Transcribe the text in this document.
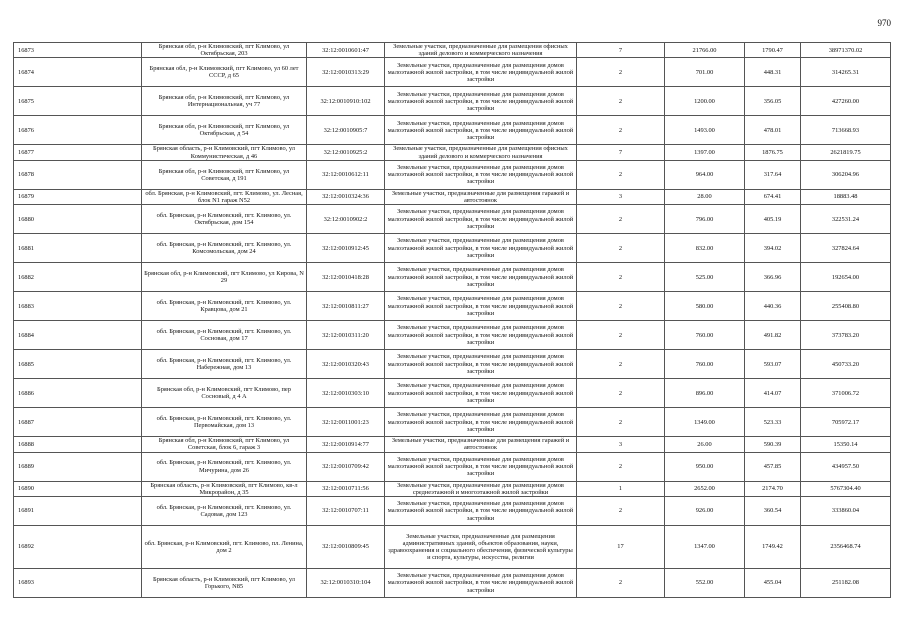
970
16873	Брянская обл, р-н Климовский, пгт Климово, ул Октябрьская, 203	32:12:0010601:47	Земельные участки, предназначенные для размещения офисных зданий делового и коммерческого назначения	7	21766.00	1790.47	38971370.02
16874	Брянская обл, р-н Климовский, пгт Климово, ул 60 лет СССР, д 65	32:12:0010313:29	Земельные участки, предназначенные для размещения домов малоэтажной жилой застройки, в том числе индивидуальной жилой застройки	2	701.00	448.31	314265.31
16875	Брянская обл, р-н Климовский, пгт Климово, ул Интернациональная, уч 77	32:12:0010910:102	Земельные участки, предназначенные для размещения домов малоэтажной жилой застройки, в том числе индивидуальной жилой застройки	2	1200.00	356.05	427260.00
16876	Брянская обл, р-н Климовский, пгт Климово, ул Октябрьская, д 54	32:12:0010905:7	Земельные участки, предназначенные для размещения домов малоэтажной жилой застройки, в том числе индивидуальной жилой застройки	2	1493.00	478.01	713668.93
16877	Брянская область, р-н Климовский, пгт Климово, ул Коммунистическая, д 46	32:12:0010925:2	Земельные участки, предназначенные для размещения офисных зданий делового и коммерческого назначения	7	1397.00	1876.75	2621819.75
16878	Брянская обл, р-н Климовский, пгт Климово, ул Советская, д 191	32:12:0010612:11	Земельные участки, предназначенные для размещения домов малоэтажной жилой застройки, в том числе индивидуальной жилой застройки	2	964.00	317.64	306204.96
16879	обл. Брянская, р-н Климовский, пгт. Климово, ул. Лесная, блок N1 гараж N52	32:12:0010324:36	Земельные участки, предназначенные для размещения гаражей и автостоянок	3	28.00	674.41	18883.48
16880	обл. Брянская, р-н Климовский, пгт. Климово, ул. Октябрьская, дом 154	32:12:0010902:2	Земельные участки, предназначенные для размещения домов малоэтажной жилой застройки, в том числе индивидуальной жилой застройки	2	796.00	405.19	322531.24
16881	обл. Брянская, р-н Климовский, пгт. Климово, ул. Комсомольская, дом 24	32:12:0010912:45	Земельные участки, предназначенные для размещения домов малоэтажной жилой застройки, в том числе индивидуальной жилой застройки	2	832.00	394.02	327824.64
16882	Брянская обл, р-н Климовский, пгт Климово, ул Кирова, N 29	32:12:0010418:28	Земельные участки, предназначенные для размещения домов малоэтажной жилой застройки, в том числе индивидуальной жилой застройки	2	525.00	366.96	192654.00
16883	обл. Брянская, р-н Климовский, пгт. Климово, ул. Кравцова, дом 21	32:12:0010811:27	Земельные участки, предназначенные для размещения домов малоэтажной жилой застройки, в том числе индивидуальной жилой застройки	2	580.00	440.36	255408.80
16884	обл. Брянская, р-н Климовский, пгт. Климово, ул. Сосновая, дом 17	32:12:0010311:20	Земельные участки, предназначенные для размещения домов малоэтажной жилой застройки, в том числе индивидуальной жилой застройки	2	760.00	491.82	373783.20
16885	обл. Брянская, р-н Климовский, пгт. Климово, ул. Набережная, дом 13	32:12:0010320:43	Земельные участки, предназначенные для размещения домов малоэтажной жилой застройки, в том числе индивидуальной жилой застройки	2	760.00	593.07	450733.20
16886	Брянская обл, р-н Климовский, пгт Климово, пер Сосновый, д 4 А	32:12:0010303:10	Земельные участки, предназначенные для размещения домов малоэтажной жилой застройки, в том числе индивидуальной жилой застройки	2	896.00	414.07	371006.72
16887	обл. Брянская, р-н Климовский, пгт. Климово, ул. Первомайская, дом 13	32:12:0011001:23	Земельные участки, предназначенные для размещения домов малоэтажной жилой застройки, в том числе индивидуальной жилой застройки	2	1349.00	523.33	705972.17
16888	Брянская обл, р-н Климовский, пгт Климово, ул Советская, блок 6, гараж 3	32:12:0010914:77	Земельные участки, предназначенные для размещения гаражей и автостоянок	3	26.00	590.39	15350.14
16889	обл. Брянская, р-н Климовский, пгт. Климово, ул. Мичурина, дом 26	32:12:0010709:42	Земельные участки, предназначенные для размещения домов малоэтажной жилой застройки, в том числе индивидуальной жилой застройки	2	950.00	457.85	434957.50
16890	Брянская область, р-н Климовский, пгт Климово, кв-л Микрорайон, д 35	32:12:0010711:56	Земельные участки, предназначенные для размещения домов среднеэтажной и многоэтажной жилой застройки	1	2652.00	2174.70	5767304.40
16891	обл. Брянская, р-н Климовский, пгт. Климово, ул. Садовая, дом 123	32:12:0010707:11	Земельные участки, предназначенные для размещения домов малоэтажной жилой застройки, в том числе индивидуальной жилой застройки	2	926.00	360.54	333860.04
16892	обл. Брянская, р-н Климовский, пгт. Климово, пл. Ленина, дом 2	32:12:0010809:45	Земельные участки, предназначенные для размещения административных зданий, объектов образования, науки, здравоохранения и социального обеспечения, физической культуры и спорта, культуры, искусства, религии	17	1347.00	1749.42	2356468.74
16893	Брянская область, р-н Климовский, пгт Климово, ул Горького, N85	32:12:0010310:104	Земельные участки, предназначенные для размещения домов малоэтажной жилой застройки, в том числе индивидуальной жилой застройки	2	552.00	455.04	251182.08
